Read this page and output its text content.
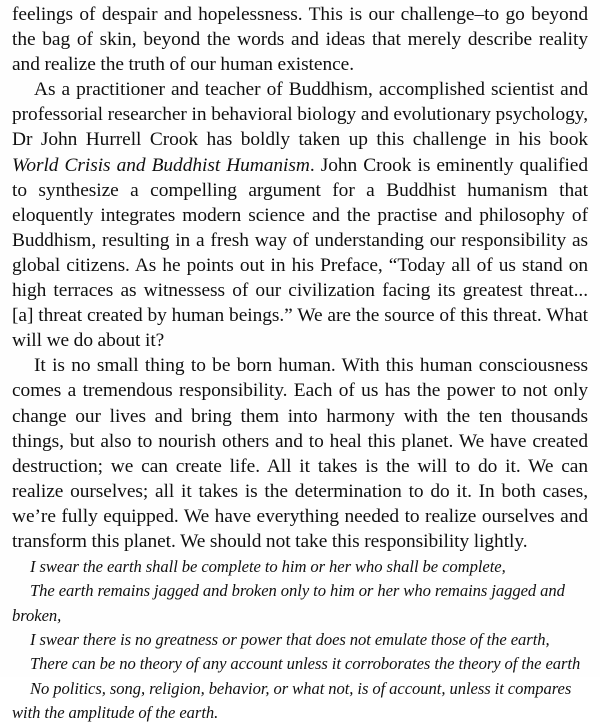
feelings of despair and hopelessness. This is our challenge–to go beyond the bag of skin, beyond the words and ideas that merely describe reality and realize the truth of our human existence.

As a practitioner and teacher of Buddhism, accomplished scientist and professorial researcher in behavioral biology and evolutionary psychology, Dr John Hurrell Crook has boldly taken up this challenge in his book World Crisis and Buddhist Humanism. John Crook is eminently qualified to synthesize a compelling argument for a Buddhist humanism that eloquently integrates modern science and the practise and philosophy of Buddhism, resulting in a fresh way of understanding our responsibility as global citizens. As he points out in his Preface, “Today all of us stand on high terraces as witnessess of our civilization facing its greatest threat... [a] threat created by human beings.” We are the source of this threat. What will we do about it?

It is no small thing to be born human. With this human consciousness comes a tremendous responsibility. Each of us has the power to not only change our lives and bring them into harmony with the ten thousands things, but also to nourish others and to heal this planet. We have created destruction; we can create life. All it takes is the will to do it. We can realize ourselves; all it takes is the determination to do it. In both cases, we’re fully equipped. We have everything needed to realize ourselves and transform this planet. We should not take this responsibility lightly.

I swear the earth shall be complete to him or her who shall be complete,

The earth remains jagged and broken only to him or her who remains jagged and broken,

I swear there is no greatness or power that does not emulate those of the earth,

There can be no theory of any account unless it corroborates the theory of the earth

No politics, song, religion, behavior, or what not, is of account, unless it compares with the amplitude of the earth.
